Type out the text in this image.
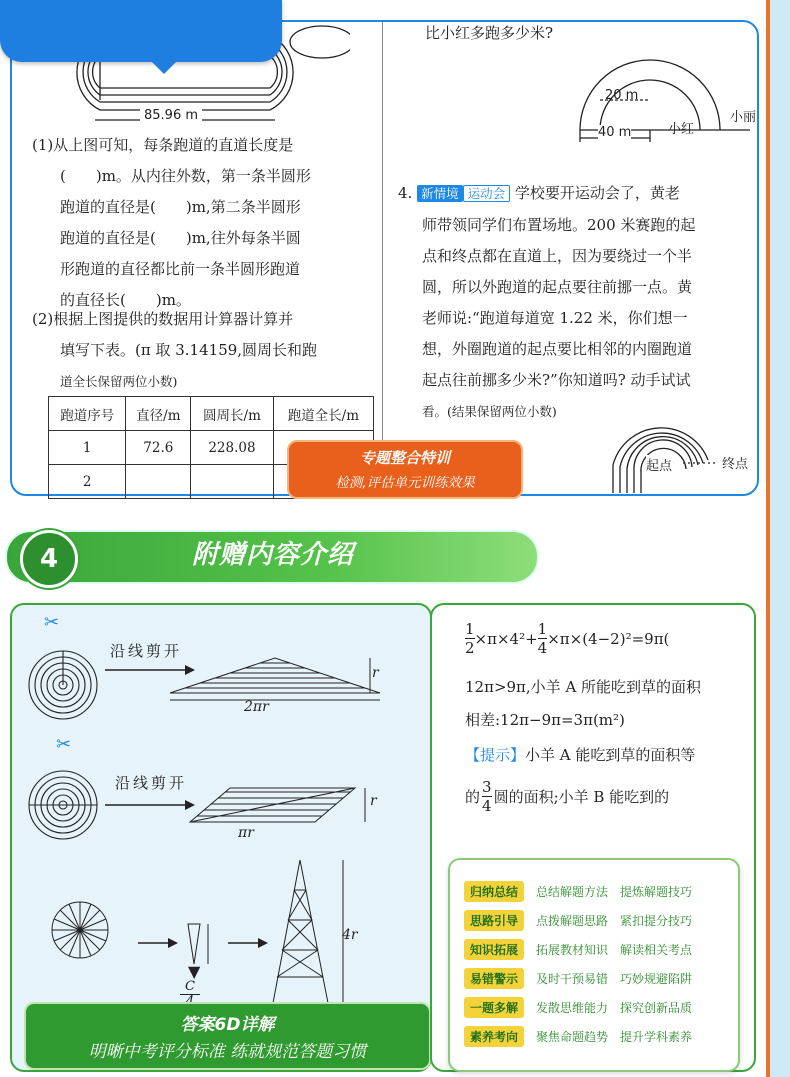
85.96 m
(1)从上图可知，每条跑道的直道长度是
(　　)m。从内往外数，第一条半圆形
跑道的直径是(　　)m,第二条半圆形
跑道的直径是(　　)m,往外每条半圆
形跑道的直径都比前一条半圆形跑道
的直径长(　　)m。
(2)根据上图提供的数据用计算器计算并
填写下表。(π 取 3.14159,圆周长和跑
道全长保留两位小数)
跑道序号	直径/m	圆周长/m	跑道全长/m
1	72.6	228.08	
2			
比小红多跑多少米?
20 m
40 m	小红
小丽
4. 新情境 运动会 学校要开运动会了，黄老
师带领同学们布置场地。200 米赛跑的起
点和终点都在直道上，因为要绕过一个半
圆，所以外跑道的起点要往前挪一点。黄
老师说:“跑道每道宽 1.22 米，你们想一
想，外圈跑道的起点要比相邻的内圈跑道
起点往前挪多少米?”你知道吗? 动手试试
看。(结果保留两位小数)
起点	终点
专题整合特训
检测,评估单元训练效果
4	附赠内容介绍
✂
沿线剪开
r
2πr
✂
沿线剪开
r
πr
▼
C
4r
答案6D详解
明晰中考评分标准 练就规范答题习惯
$\frac{1}{2} \times\pi\times 4^2+ \frac{1}{4} \times\pi\times(4-2)^2=9\pi$(
12π>9π,小羊 A 所能吃到草的面积
相差:12π−9π=3π(m²)
【提示】小羊 A 能吃到草的面积等
的 $\frac{3}{4}$ 圆的面积;小羊 B 能吃到的
归纳总结	总结解题方法　提炼解题技巧
思路引导	点拨解题思路　紧扣提分技巧
知识拓展	拓展教材知识　解读相关考点
易错警示	及时干预易错　巧妙规避陷阱
一题多解	发散思维能力　探究创新品质
素养考向	聚焦命题趋势　提升学科素养
